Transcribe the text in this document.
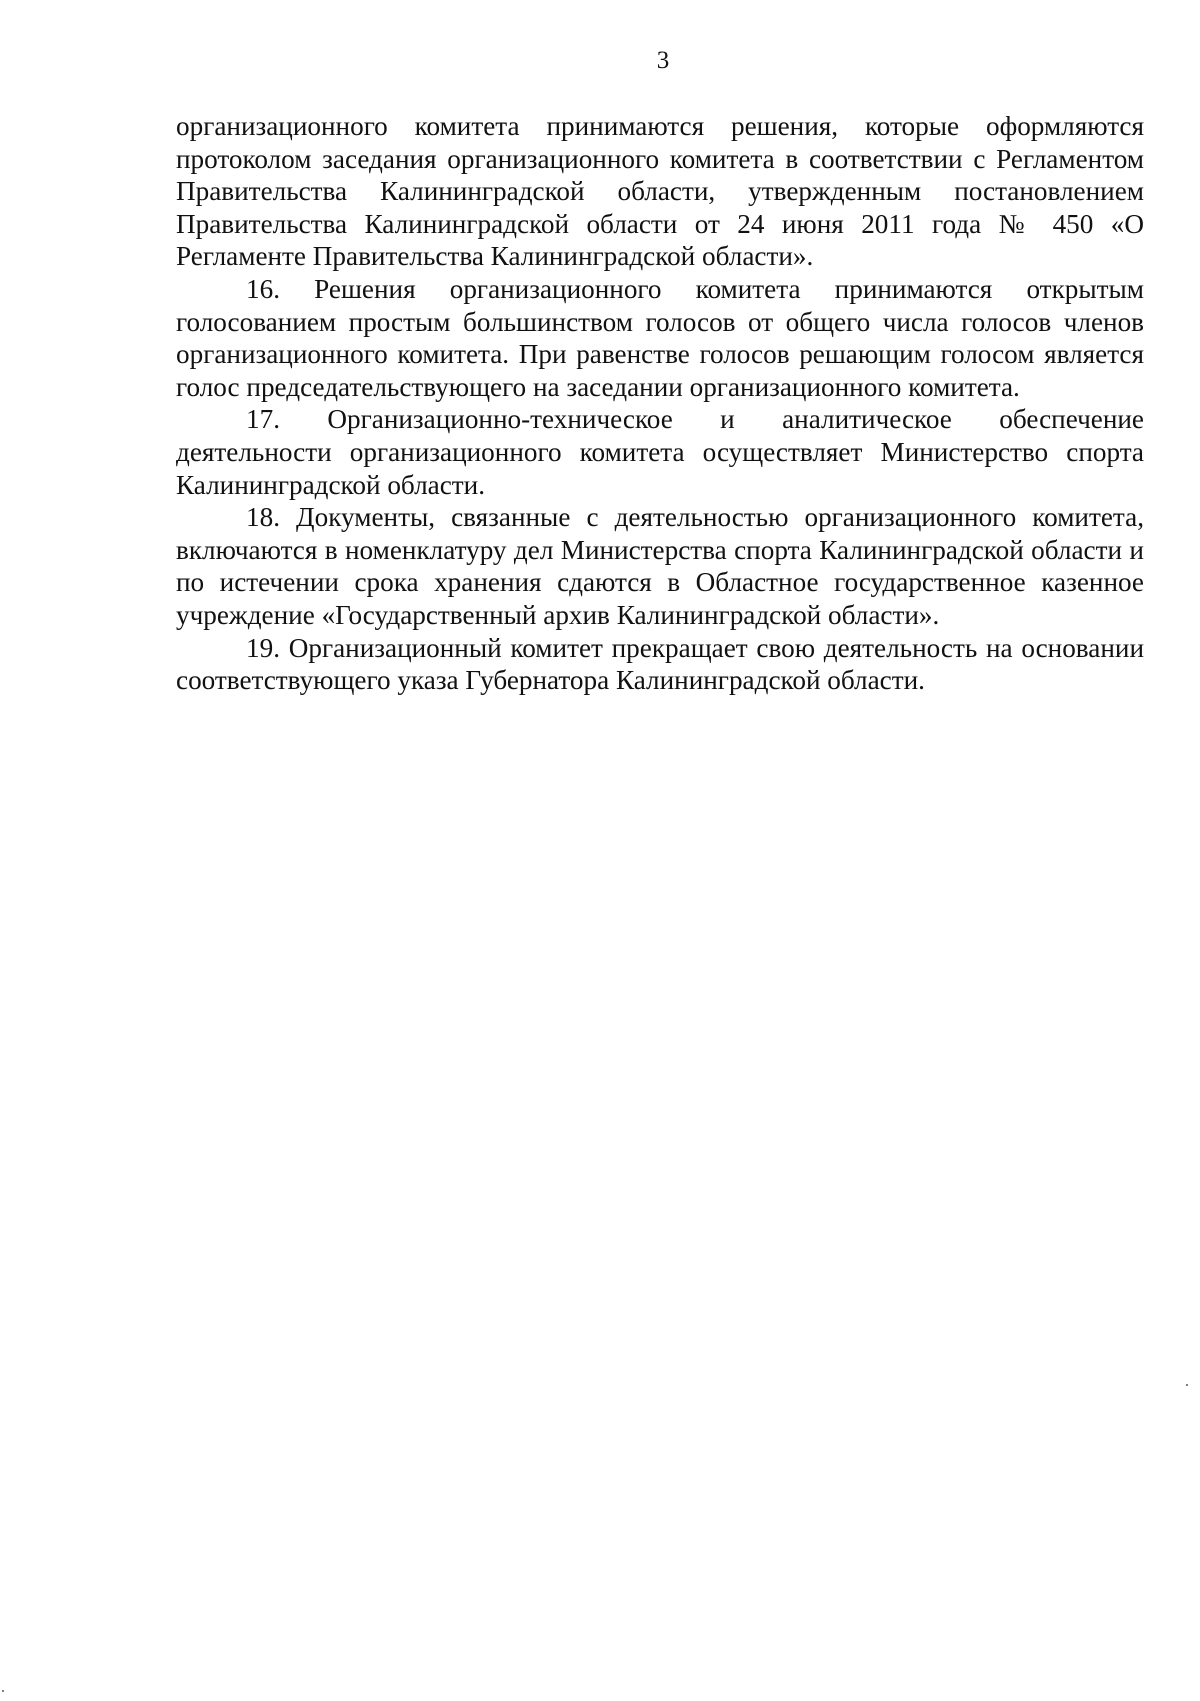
3

организационного комитета принимаются решения, которые оформляются протоколом заседания организационного комитета в соответствии с Регламентом Правительства Калининградской области, утвержденным постановлением Правительства Калининградской области от 24 июня 2011 года № 450 «О Регламенте Правительства Калининградской области».

16. Решения организационного комитета принимаются открытым голосованием простым большинством голосов от общего числа голосов членов организационного комитета. При равенстве голосов решающим голосом является голос председательствующего на заседании организационного комитета.

17. Организационно-техническое и аналитическое обеспечение деятельности организационного комитета осуществляет Министерство спорта Калининградской области.

18. Документы, связанные с деятельностью организационного комитета, включаются в номенклатуру дел Министерства спорта Калининградской области и по истечении срока хранения сдаются в Областное государственное казенное учреждение «Государственный архив Калининградской области».

19. Организационный комитет прекращает свою деятельность на основании соответствующего указа Губернатора Калининградской области.
